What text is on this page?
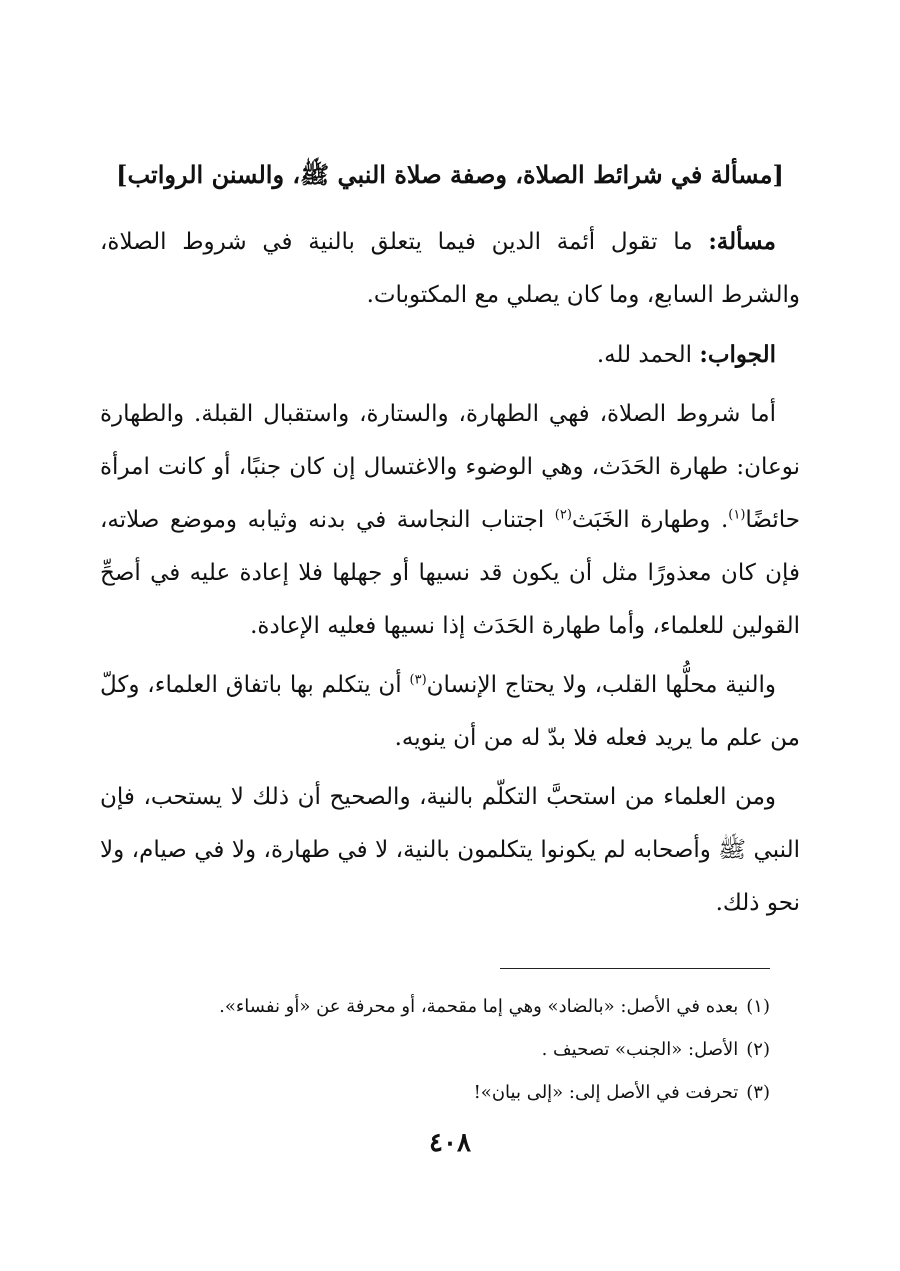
[مسألة في شرائط الصلاة، وصفة صلاة النبي ﷺ، والسنن الرواتب]

مسألة: ما تقول أئمة الدين فيما يتعلق بالنية في شروط الصلاة، والشرط السابع، وما كان يصلي مع المكتوبات.

الجواب: الحمد لله.

أما شروط الصلاة، فهي الطهارة، والستارة، واستقبال القبلة. والطهارة نوعان: طهارة الحَدَث، وهي الوضوء والاغتسال إن كان جنبًا، أو كانت امرأة حائضًا$^{(١)}$. وطهارة الخَبَث$^{(٢)}$ اجتناب النجاسة في بدنه وثيابه وموضع صلاته، فإن كان معذورًا مثل أن يكون قد نسيها أو جهلها فلا إعادة عليه في أصحِّ القولين للعلماء، وأما طهارة الحَدَث إذا نسيها فعليه الإعادة.

والنية محلُّها القلب، ولا يحتاج الإنسان$^{(٣)}$ أن يتكلم بها باتفاق العلماء، وكلّ من علم ما يريد فعله فلا بدّ له من أن ينويه.

ومن العلماء من استحبَّ التكلّم بالنية، والصحيح أن ذلك لا يستحب، فإن النبي ﷺ وأصحابه لم يكونوا يتكلمون بالنية، لا في طهارة، ولا في صيام، ولا نحو ذلك.

(١)
بعده في الأصل: «بالضاد» وهي إما مقحمة، أو محرفة عن «أو نفساء».
(٢)
الأصل: «الجنب» تصحيف .
(٣)
تحرفت في الأصل إلى: «إلى بيان»!
٤٠٨
